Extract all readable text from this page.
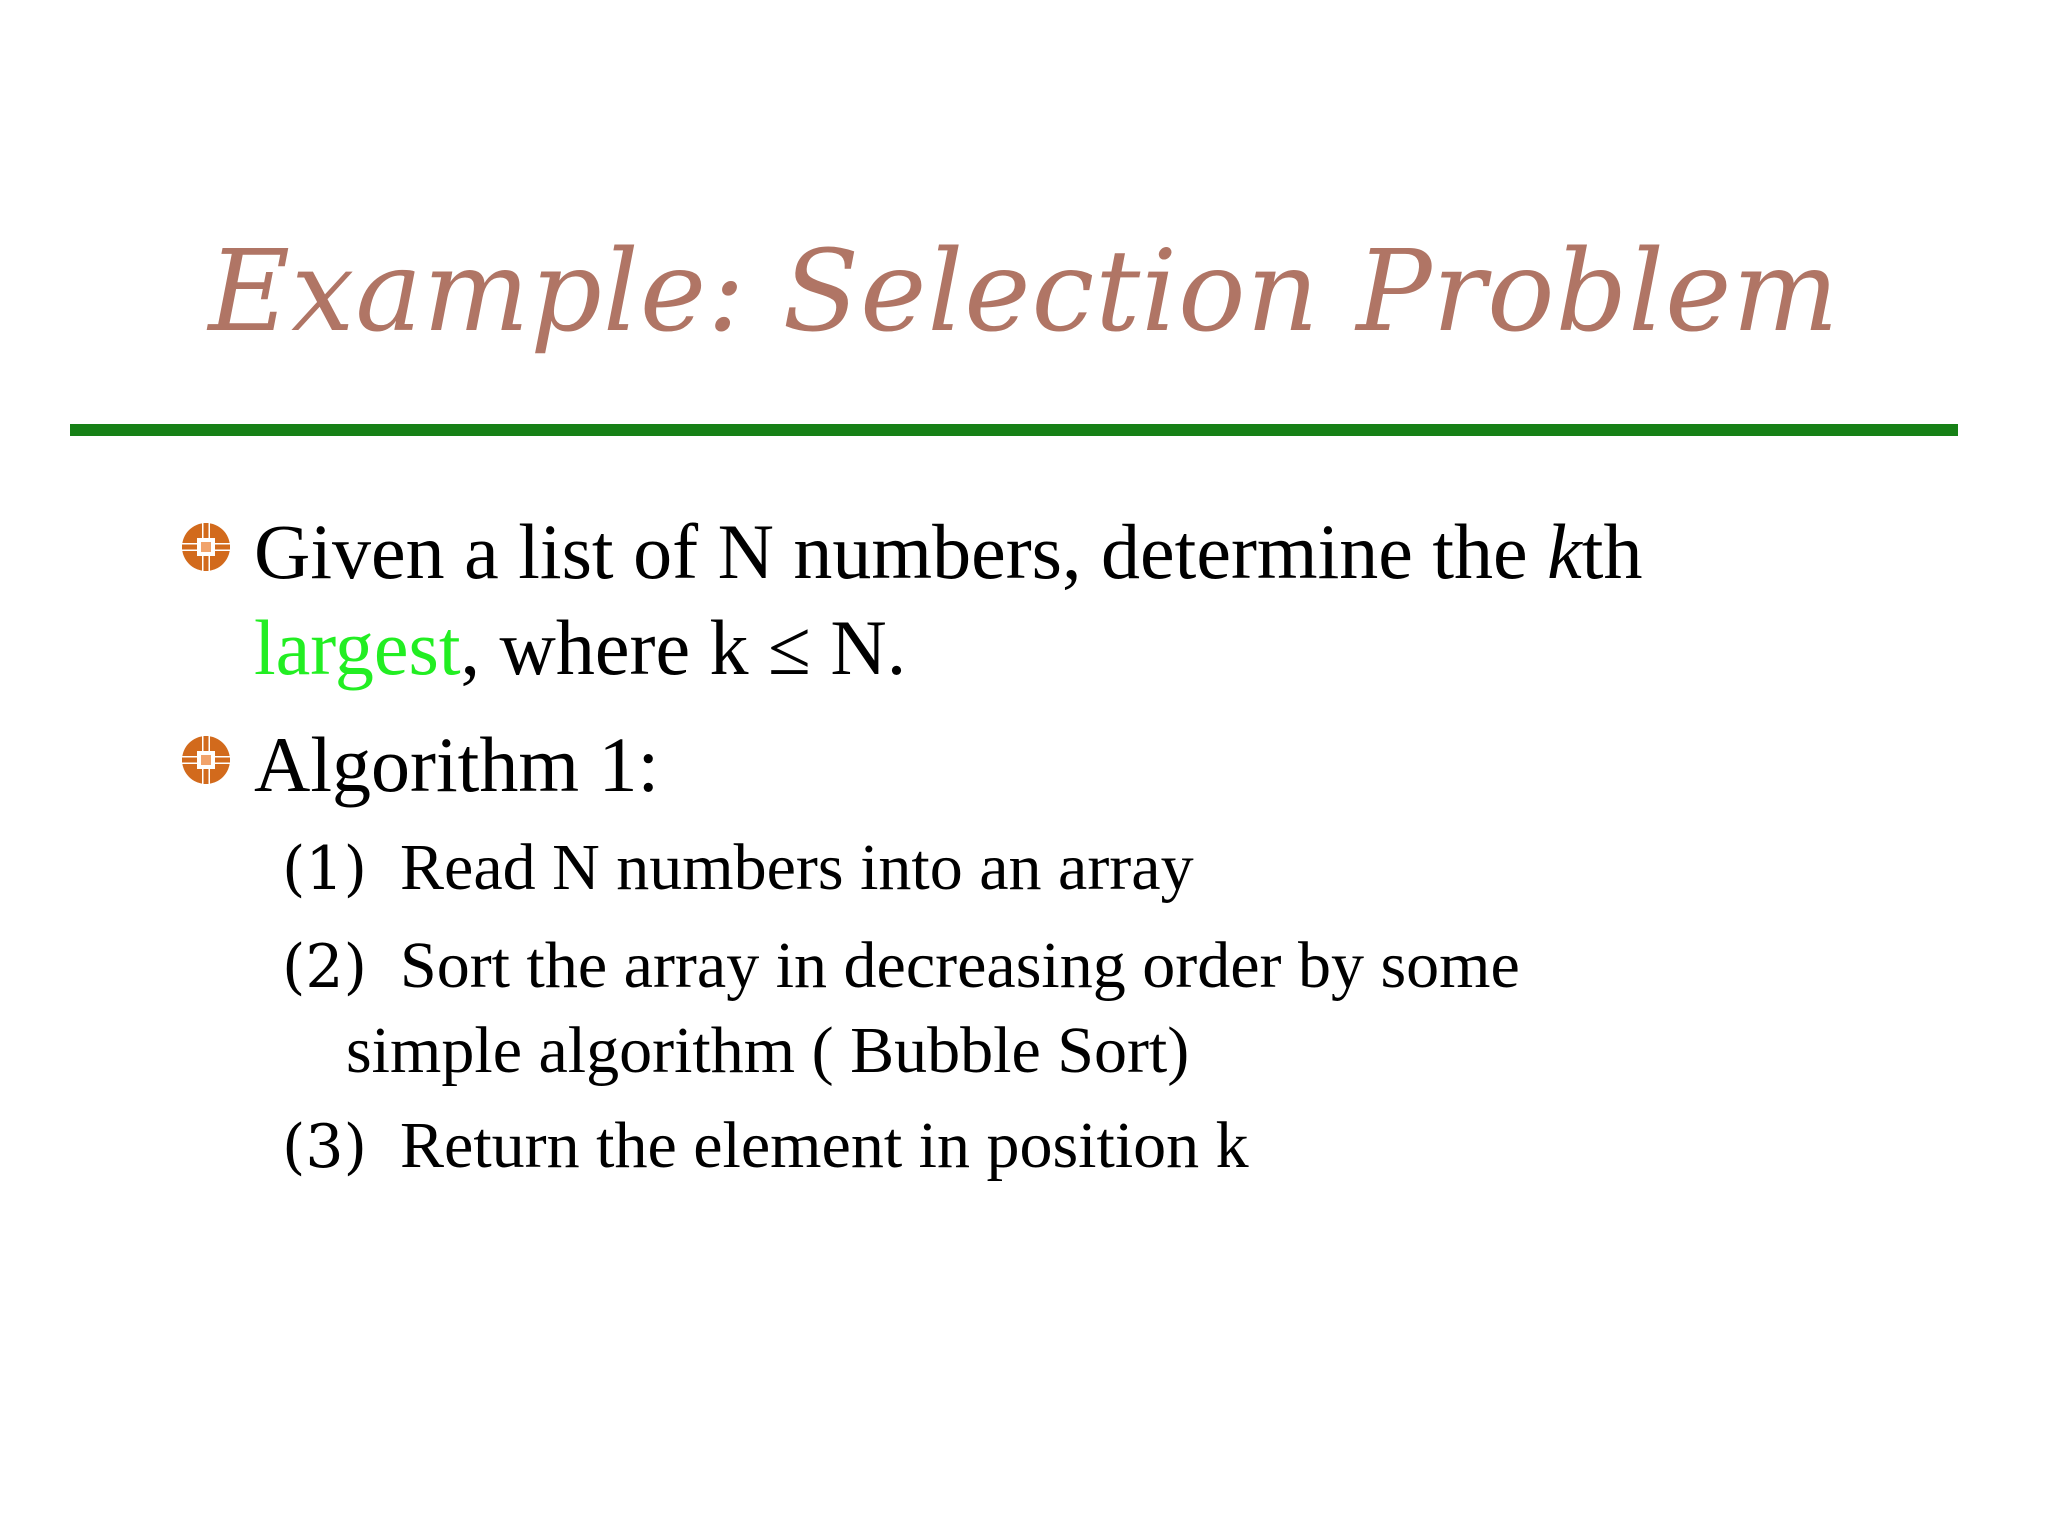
Example: Selection Problem
Given a list of N numbers, determine the kth
largest, where k ≤ N.
Algorithm 1:
(1) Read N numbers into an array
(2) Sort the array in decreasing order by some
simple algorithm ( Bubble Sort)
(3) Return the element in position k
